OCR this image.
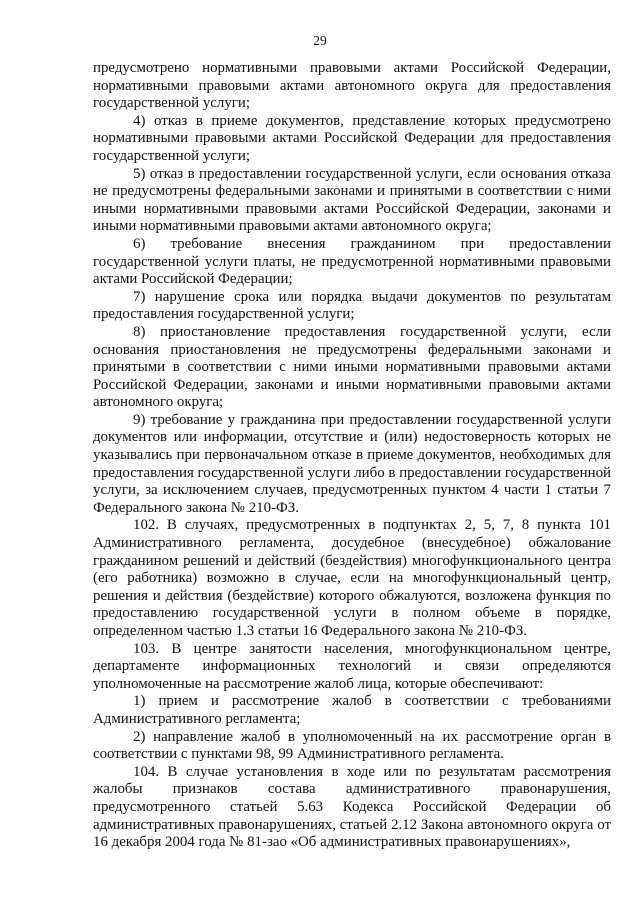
29

предусмотрено нормативными правовыми актами Российской Федерации, нормативными правовыми актами автономного округа для предоставления государственной услуги;

4) отказ в приеме документов, представление которых предусмотрено нормативными правовыми актами Российской Федерации для предоставления государственной услуги;

5) отказ в предоставлении государственной услуги, если основания отказа не предусмотрены федеральными законами и принятыми в соответствии с ними иными нормативными правовыми актами Российской Федерации, законами и иными нормативными правовыми актами автономного округа;

6) требование внесения гражданином при предоставлении государственной услуги платы, не предусмотренной нормативными правовыми актами Российской Федерации;

7) нарушение срока или порядка выдачи документов по результатам предоставления государственной услуги;

8) приостановление предоставления государственной услуги, если основания приостановления не предусмотрены федеральными законами и принятыми в соответствии с ними иными нормативными правовыми актами Российской Федерации, законами и иными нормативными правовыми актами автономного округа;

9) требование у гражданина при предоставлении государственной услуги документов или информации, отсутствие и (или) недостоверность которых не указывались при первоначальном отказе в приеме документов, необходимых для предоставления государственной услуги либо в предоставлении государственной услуги, за исключением случаев, предусмотренных пунктом 4 части 1 статьи 7 Федерального закона № 210-ФЗ.

102. В случаях, предусмотренных в подпунктах 2, 5, 7, 8 пункта 101 Административного регламента, досудебное (внесудебное) обжалование гражданином решений и действий (бездействия) многофункционального центра (его работника) возможно в случае, если на многофункциональный центр, решения и действия (бездействие) которого обжалуются, возложена функция по предоставлению государственной услуги в полном объеме в порядке, определенном частью 1.3 статьи 16 Федерального закона № 210-ФЗ.

103. В центре занятости населения, многофункциональном центре, департаменте информационных технологий и связи определяются уполномоченные на рассмотрение жалоб лица, которые обеспечивают:

1) прием и рассмотрение жалоб в соответствии с требованиями Административного регламента;

2) направление жалоб в уполномоченный на их рассмотрение орган в соответствии с пунктами 98, 99 Административного регламента.

104. В случае установления в ходе или по результатам рассмотрения жалобы признаков состава административного правонарушения, предусмотренного статьей 5.63 Кодекса Российской Федерации об административных правонарушениях, статьей 2.12 Закона автономного округа от 16 декабря 2004 года № 81-зао «Об административных правонарушениях»,
